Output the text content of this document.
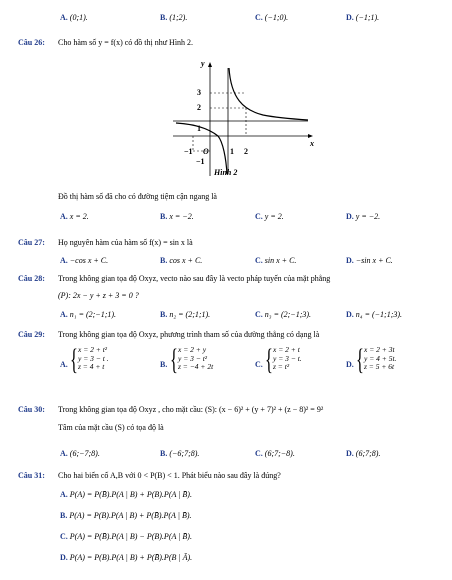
A. (0;1).	B. (1;2).	C. (−1;0).	D. (−1;1).
Câu 26: Cho hàm số y = f(x) có đồ thị như Hình 2.
y
x
3
2
1
−1
−1	1 2
O
Hình 2
Đồ thị hàm số đã cho có đường tiệm cận ngang là
A. x = 2.	B. x = −2.	C. y = 2.	D. y = −2.
Câu 27: Họ nguyên hàm của hàm số f(x) = sin x là
A. −cos x + C.	B. cos x + C.	C. sin x + C.	D. −sin x + C.
Câu 28: Trong không gian tọa độ Oxyz, vecto nào sau đây là vecto pháp tuyến của mặt phẳng
(P): 2x − y + z + 3 = 0 ?
A. n₁ = (2;−1;1).	B. n₂ = (2;1;1).	C. n₃ = (2;−1;3).	D. n₄ = (−1;1;3).
Câu 29: Trong không gian tọa độ Oxyz, phương trình tham số của đường thẳng có dạng là
A. { x = 2 + t²
y = 3 − t .
z = 4 + t	B. { x = 2 + y
y = 3 − t²
z = −4 + 2t	C. { x = 2 + t
y = 3 − t.
z = t²	D. { x = 2 + 3t
y = 4 + 5t.
z = 5 + 6t
Câu 30: Trong không gian tọa độ Oxyz , cho mặt cầu: (S): (x − 6)² + (y + 7)² + (z − 8)² = 9²
Tâm của mặt cầu (S) có tọa độ là
A. (6;−7;8).	B. (−6;7;8).	C. (6;7;−8).	D. (6;7;8).
Câu 31: Cho hai biến cố A,B với 0 < P(B) < 1. Phát biểu nào sau đây là đúng?
A. P(A) = P(B̄).P(A | B) + P(B).P(A | B̄).
B. P(A) = P(B).P(A | B) + P(B̄).P(A | B̄).
C. P(A) = P(B̄).P(A | B) − P(B).P(A | B̄).
D. P(A) = P(B).P(A | B) + P(B̄).P(B | Ā).
